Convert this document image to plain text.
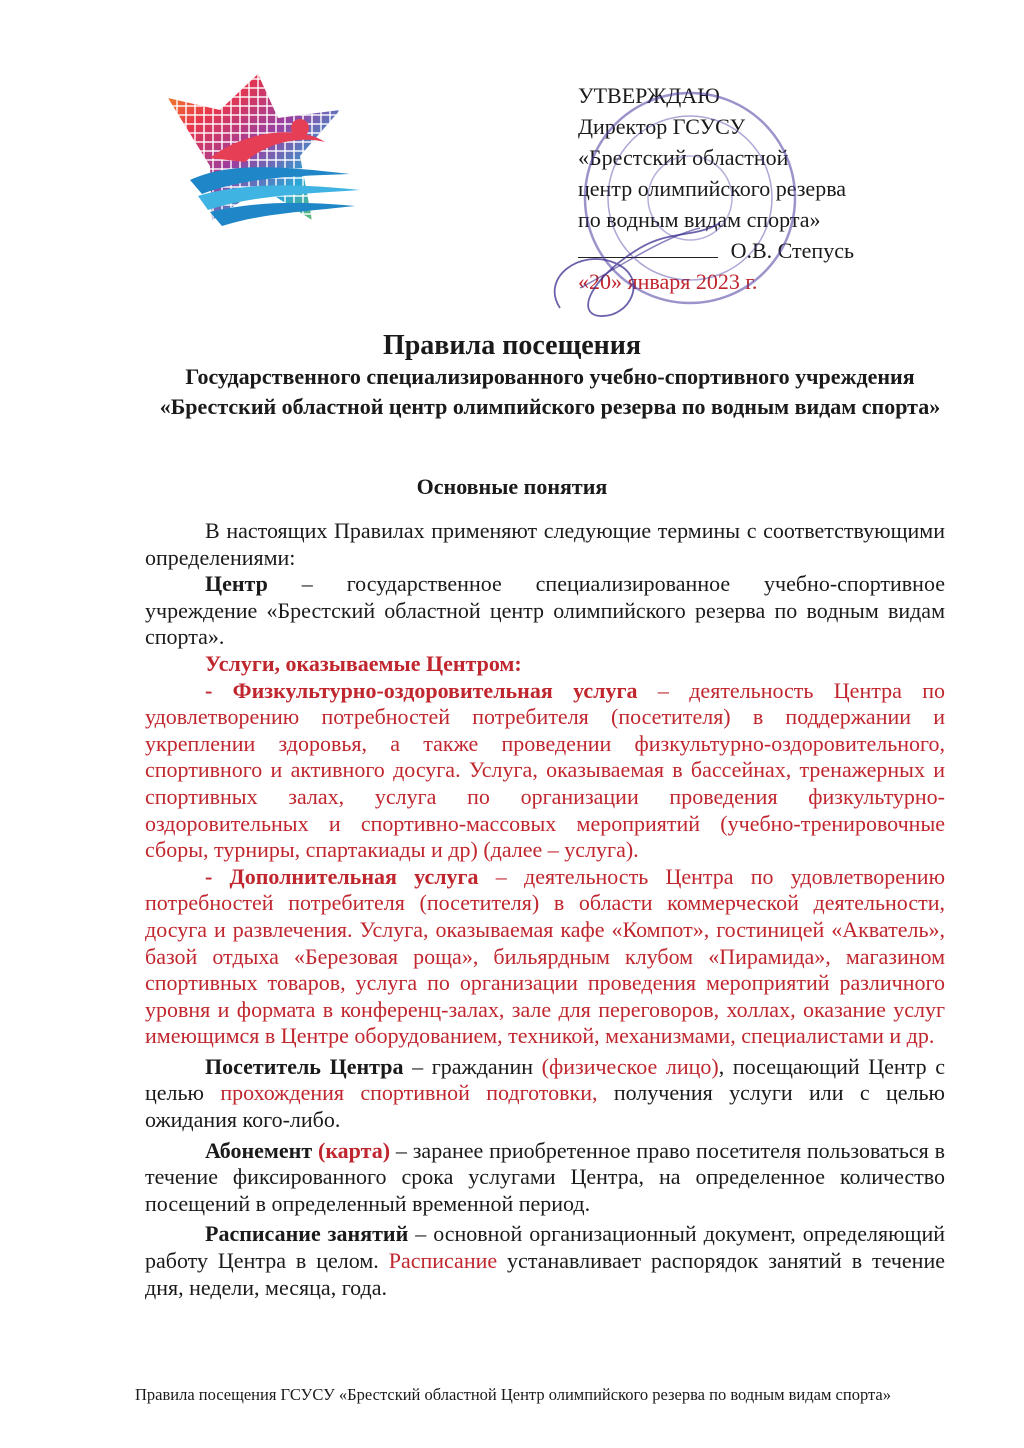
УТВЕРЖДАЮ
Директор ГСУСУ
«Брестский областной
центр олимпийского резерва
по водным видам спорта»
О.В. Степусь
«20» января 2023 г.
Правила посещения
Государственного специализированного учебно-спортивного учреждения «Брестский областной центр олимпийского резерва по водным видам спорта»
Основные понятия

В настоящих Правилах применяют следующие термины с соответствующими определениями:

Центр – государственное специализированное учебно-спортивное учреждение «Брестский областной центр олимпийского резерва по водным видам спорта».

Услуги, оказываемые Центром:

- Физкультурно-оздоровительная услуга – деятельность Центра по удовлетворению потребностей потребителя (посетителя) в поддержании и укреплении здоровья, а также проведении физкультурно-оздоровительного, спортивного и активного досуга. Услуга, оказываемая в бассейнах, тренажерных и спортивных залах, услуга по организации проведения физкультурно-оздоровительных и спортивно-массовых мероприятий (учебно-тренировочные сборы, турниры, спартакиады и др) (далее – услуга).

- Дополнительная услуга – деятельность Центра по удовлетворению потребностей потребителя (посетителя) в области коммерческой деятельности, досуга и развлечения. Услуга, оказываемая кафе «Компот», гостиницей «Акватель», базой отдыха «Березовая роща», бильярдным клубом «Пирамида», магазином спортивных товаров, услуга по организации проведения мероприятий различного уровня и формата в конференц-залах, зале для переговоров, холлах, оказание услуг имеющимся в Центре оборудованием, техникой, механизмами, специалистами и др.

Посетитель Центра – гражданин (физическое лицо), посещающий Центр с целью прохождения спортивной подготовки, получения услуги или с целью ожидания кого-либо.

Абонемент (карта) – заранее приобретенное право посетителя пользоваться в течение фиксированного срока услугами Центра, на определенное количество посещений в определенный временной период.

Расписание занятий – основной организационный документ, определяющий работу Центра в целом. Расписание устанавливает распорядок занятий в течение дня, недели, месяца, года.

Правила посещения ГСУСУ «Брестский областной Центр олимпийского резерва по водным видам спорта»
